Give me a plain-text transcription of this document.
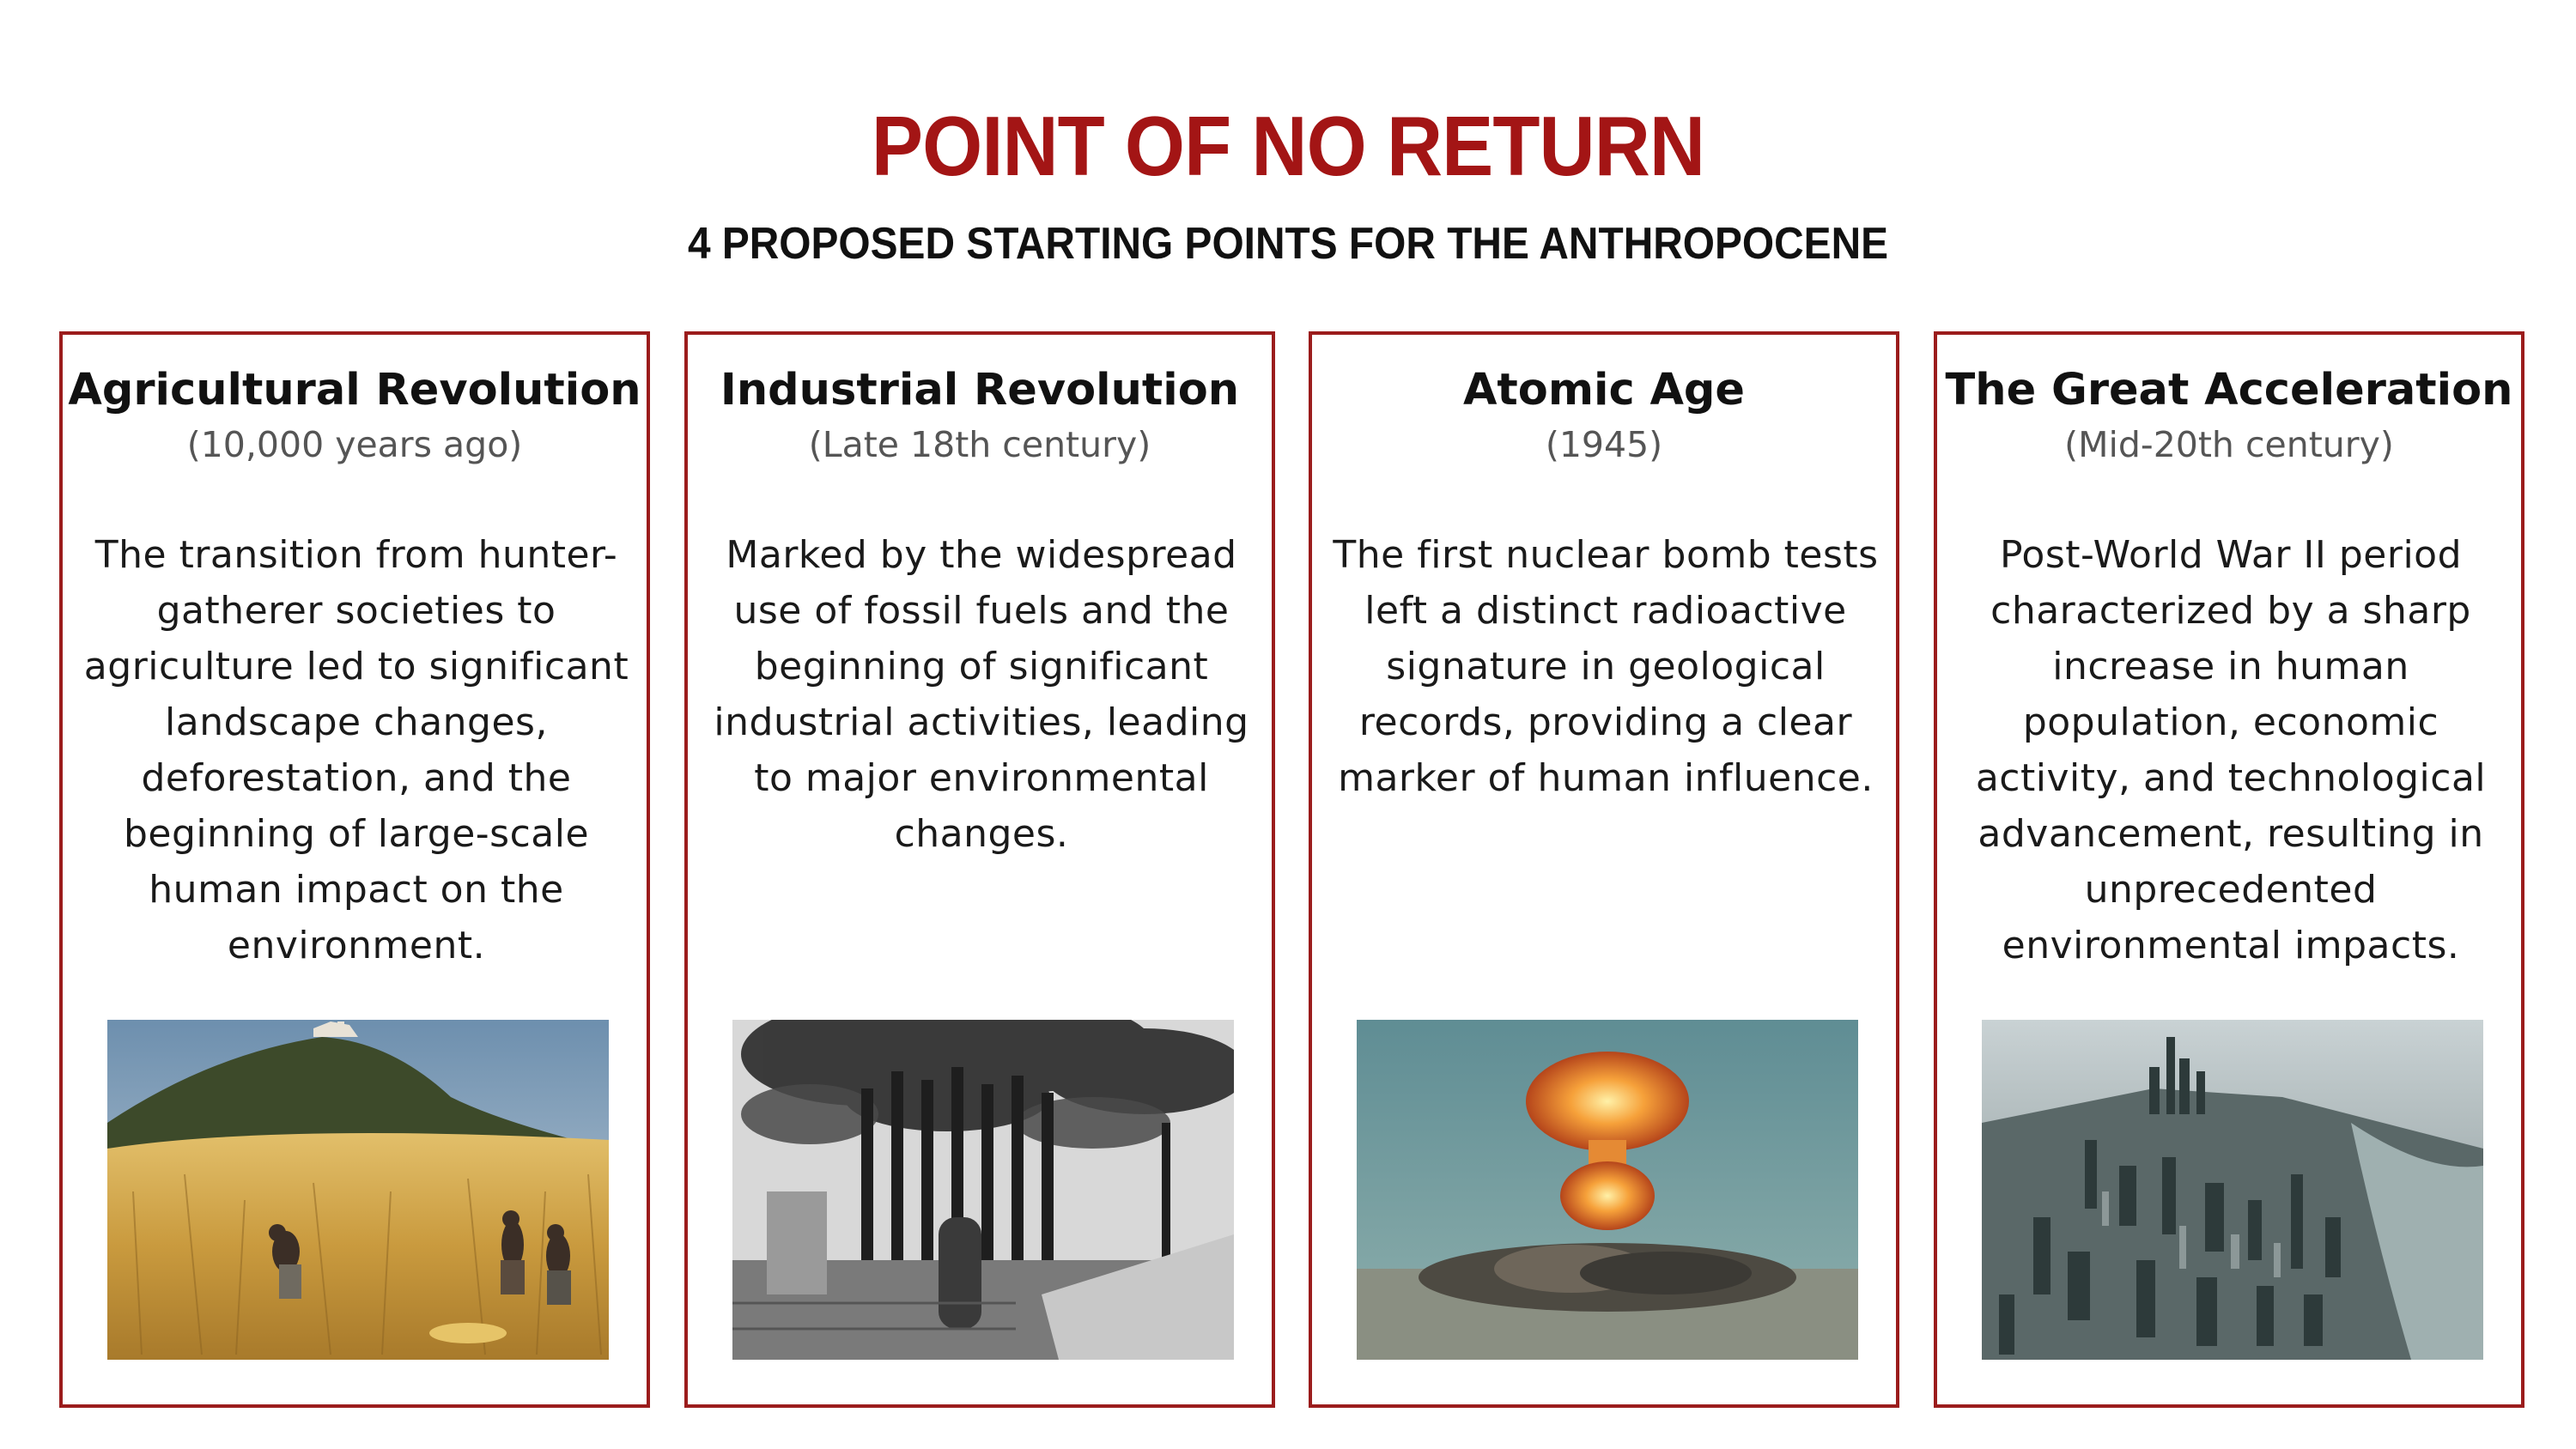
POINT OF NO RETURN
4 PROPOSED STARTING POINTS FOR THE ANTHROPOCENE
Agricultural Revolution
(10,000 years ago)
The transition from hunter-gatherer societies to agriculture led to significant landscape changes, deforestation, and the beginning of large-scale human impact on the environment.
Industrial Revolution
(Late 18th century)
Marked by the widespread use of fossil fuels and the beginning of significant industrial activities, leading to major environmental changes.
Atomic Age
(1945)
The first nuclear bomb tests left a distinct radioactive signature in geological records, providing a clear marker of human influence.
The Great Acceleration
(Mid-20th century)
Post-World War II period characterized by a sharp increase in human population, economic activity, and technological advancement, resulting in unprecedented environmental impacts.
